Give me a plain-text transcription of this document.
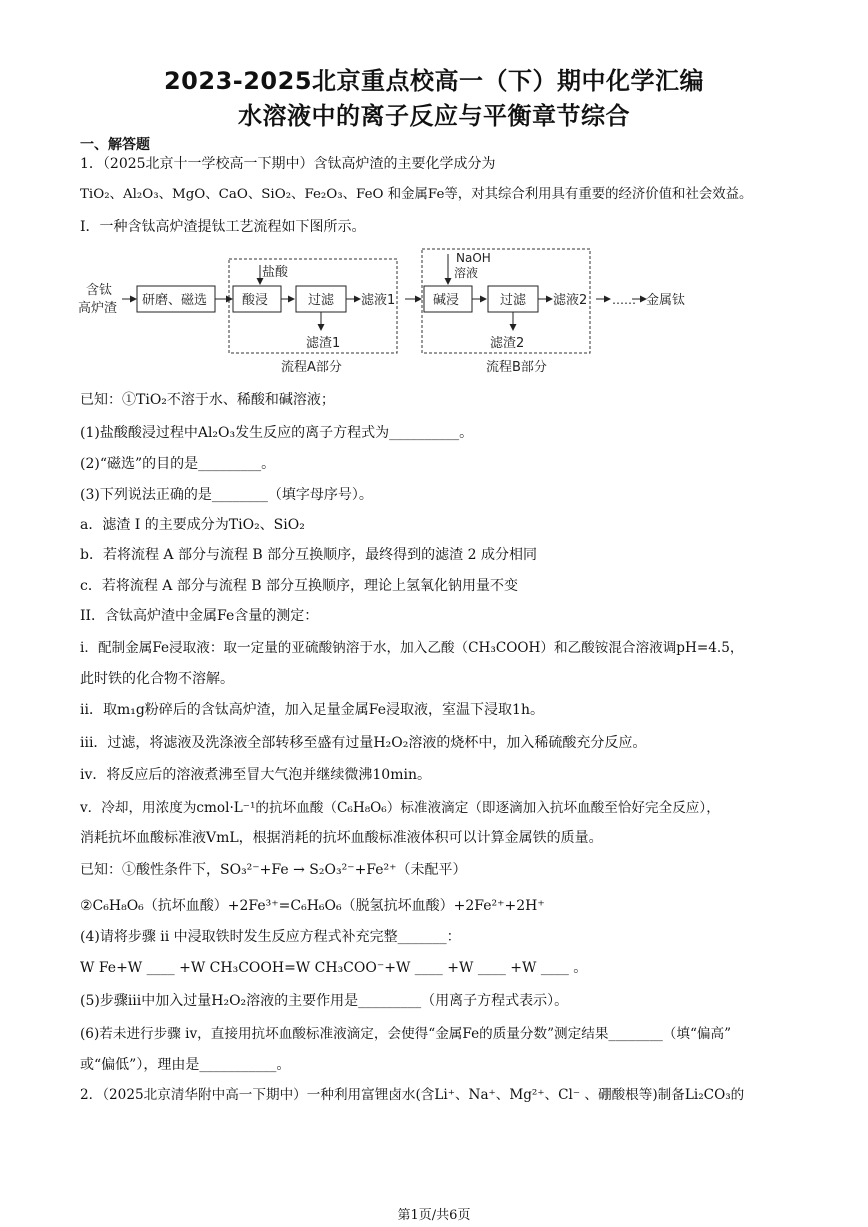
2023-2025北京重点校高一（下）期中化学汇编
水溶液中的离子反应与平衡章节综合
一、解答题
1．（2025北京十一学校高一下期中）含钛高炉渣的主要化学成分为
TiO₂、Al₂O₃、MgO、CaO、SiO₂、Fe₂O₃、FeO 和金属Fe等，对其综合利用具有重要的经济价值和社会效益。
I．一种含钛高炉渣提钛工艺流程如下图所示。
含钛
高炉渣
研磨、磁选
盐酸
酸浸	过滤
滤渣1
滤液1
流程A部分
NaOH
溶液
碱浸	过滤
滤渣2
滤液2
流程B部分
…… 金属钛
已知：①TiO₂不溶于水、稀酸和碱溶液；
(1)盐酸酸浸过程中Al₂O₃发生反应的离子方程式为__________。
(2)“磁选”的目的是_________。
(3)下列说法正确的是________（填字母序号）。
a．滤渣 I 的主要成分为TiO₂、SiO₂
b．若将流程 A 部分与流程 B 部分互换顺序，最终得到的滤渣 2 成分相同
c．若将流程 A 部分与流程 B 部分互换顺序，理论上氢氧化钠用量不变
II．含钛高炉渣中金属Fe含量的测定：
i．配制金属Fe浸取液：取一定量的亚硫酸钠溶于水，加入乙酸（CH₃COOH）和乙酸铵混合溶液调pH=4.5，
此时铁的化合物不溶解。
ii．取m₁g粉碎后的含钛高炉渣，加入足量金属Fe浸取液，室温下浸取1h。
iii．过滤，将滤液及洗涤液全部转移至盛有过量H₂O₂溶液的烧杯中，加入稀硫酸充分反应。
iv．将反应后的溶液煮沸至冒大气泡并继续微沸10min。
v．冷却，用浓度为cmol·L⁻¹的抗坏血酸（C₆H₈O₆）标准液滴定（即逐滴加入抗坏血酸至恰好完全反应），
消耗抗坏血酸标准液VmL，根据消耗的抗坏血酸标准液体积可以计算金属铁的质量。
已知：①酸性条件下，SO₃²⁻+Fe → S₂O₃²⁻+Fe²⁺（未配平）
②C₆H₈O₆（抗坏血酸）+2Fe³⁺=C₆H₆O₆（脱氢抗坏血酸）+2Fe²⁺+2H⁺
(4)请将步骤 ii 中浸取铁时发生反应方程式补充完整_______：
W Fe+W ____ +W CH₃COOH=W CH₃COO⁻+W ____ +W ____ +W ____ 。
(5)步骤iii中加入过量H₂O₂溶液的主要作用是_________（用离子方程式表示）。
(6)若未进行步骤 iv，直接用抗坏血酸标准液滴定，会使得“金属Fe的质量分数”测定结果________（填“偏高”
或“偏低”），理由是___________。
2．（2025北京清华附中高一下期中）一种利用富锂卤水(含Li⁺、Na⁺、Mg²⁺、Cl⁻ 、硼酸根等)制备Li₂CO₃的
第1页/共6页
